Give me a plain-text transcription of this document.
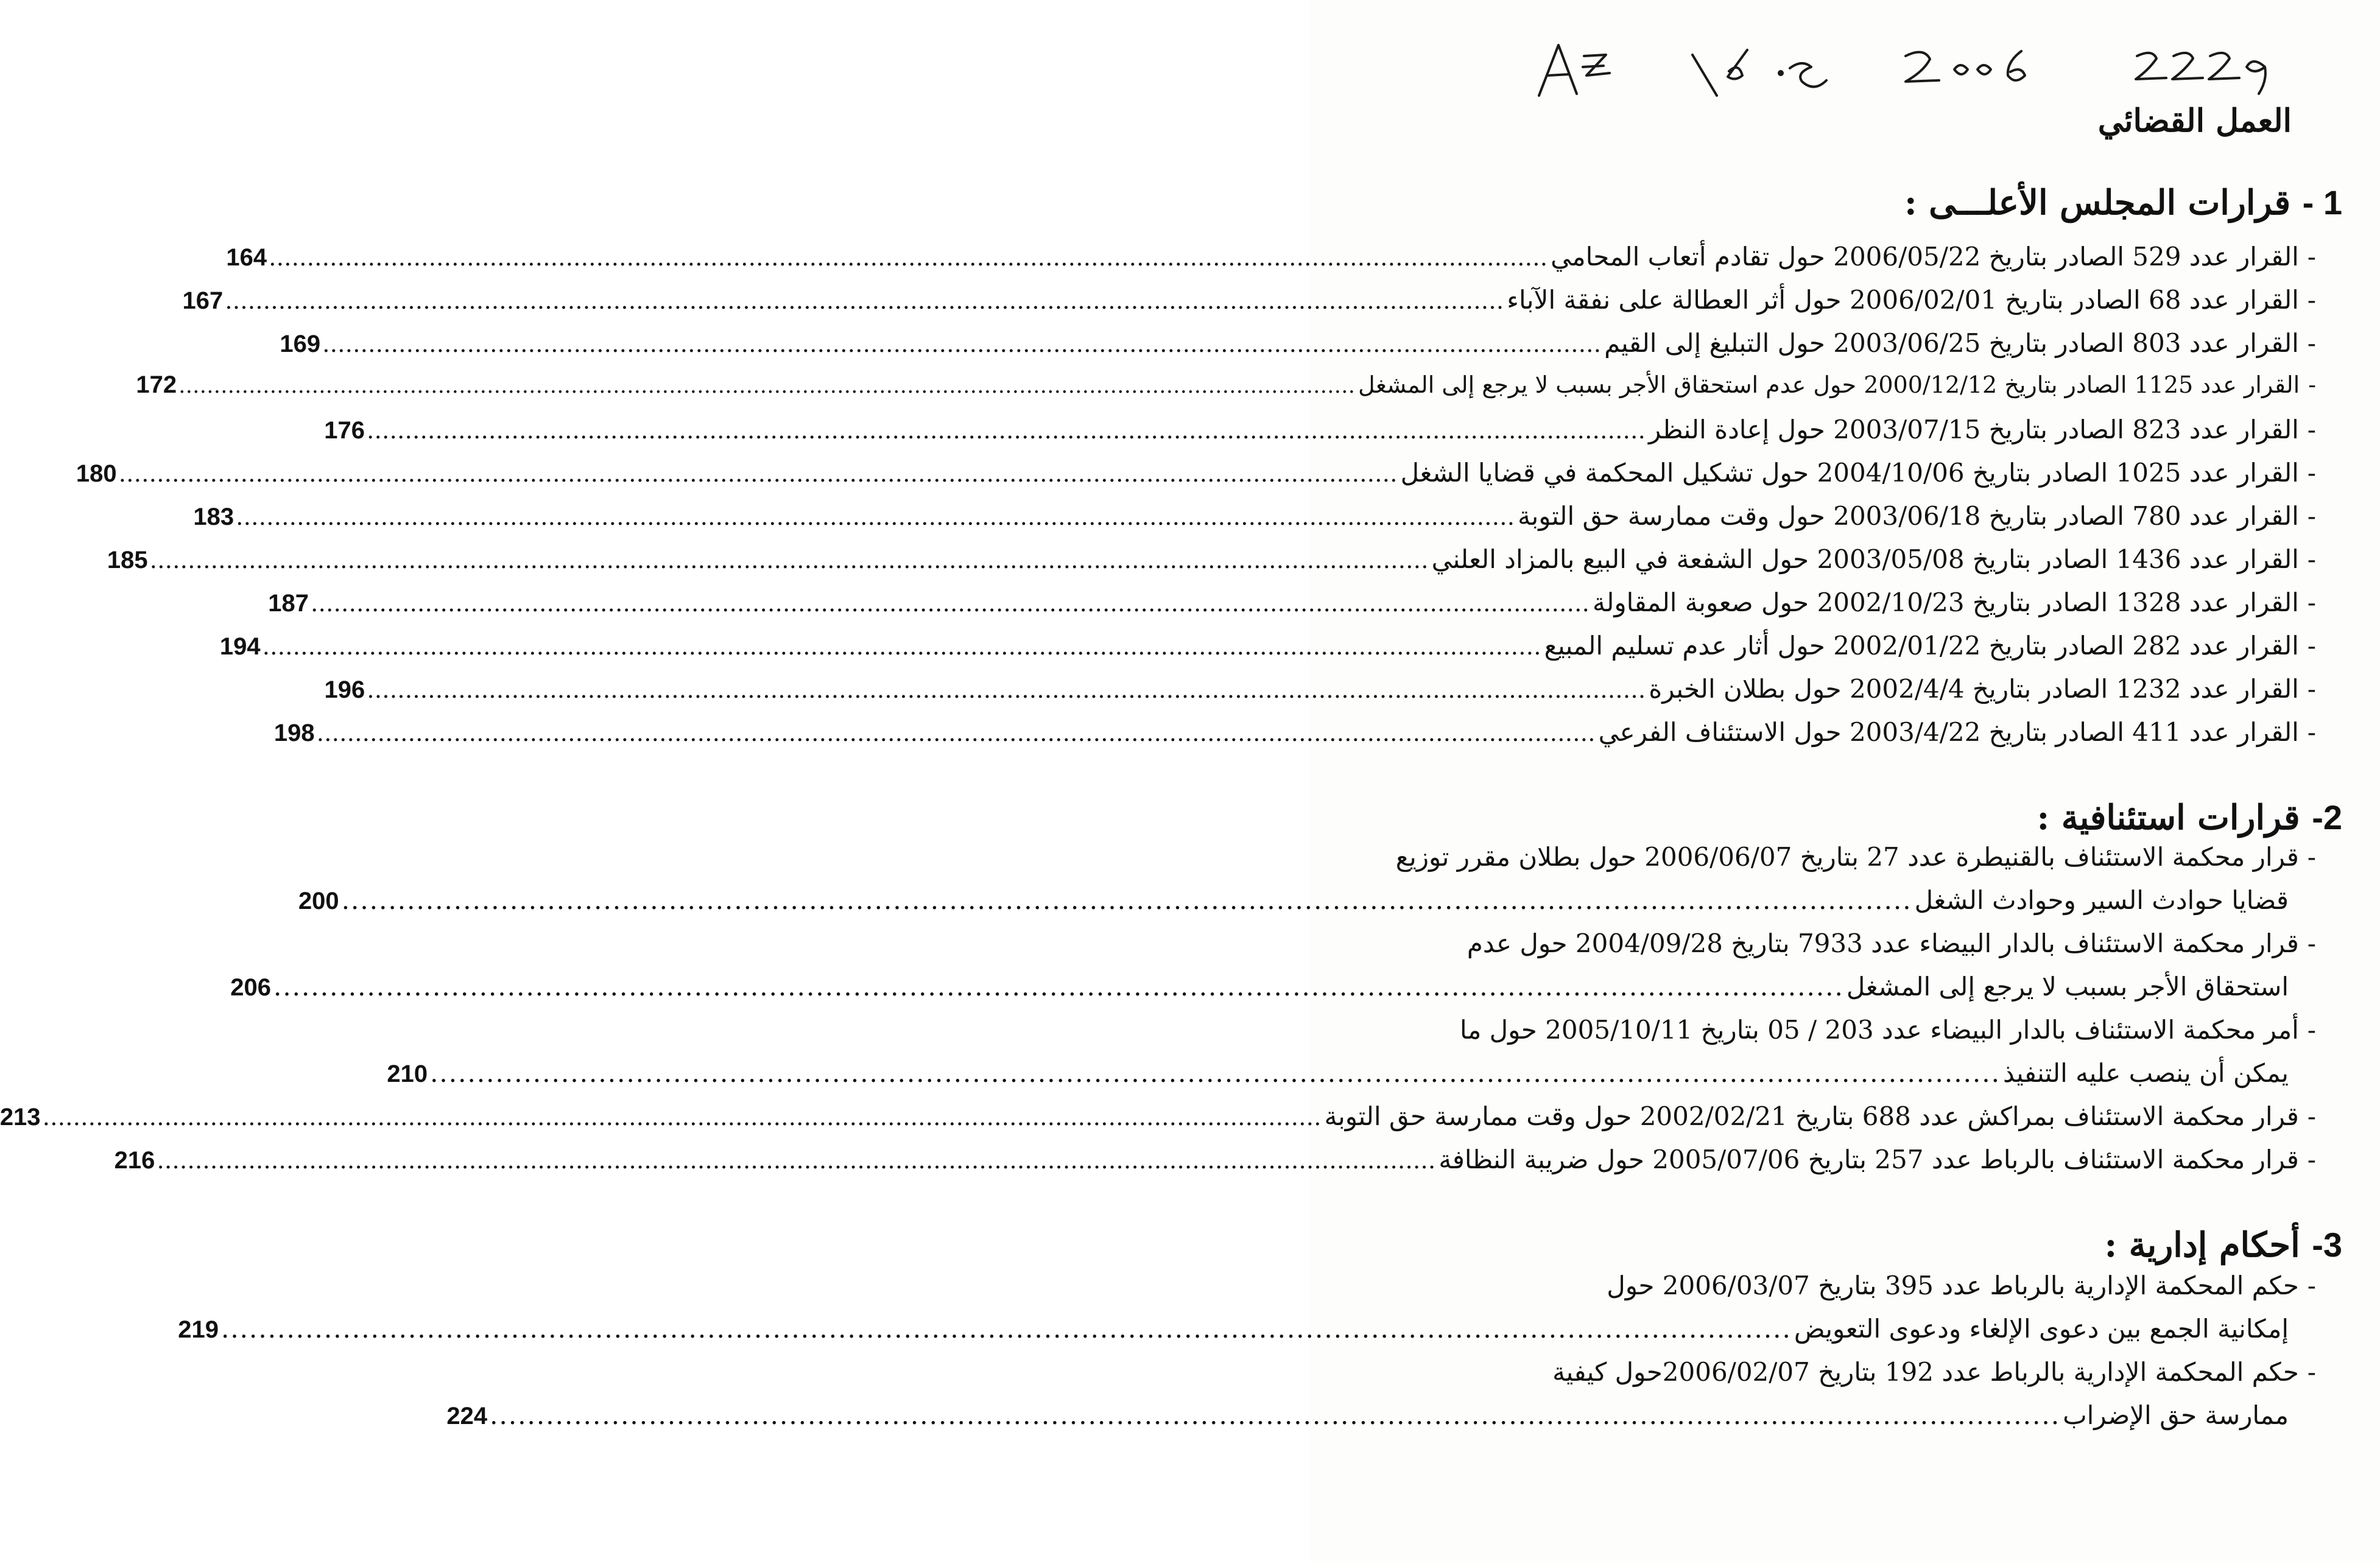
العمل القضائي
1 - قرارات المجلس الأعلـــى :
-
القرار عدد 529 الصادر بتاريخ 2006/05/22 حول تقادم أتعاب المحامي
........................................................................................................................................................................
164
-
القرار عدد 68 الصادر بتاريخ 2006/02/01 حول أثر العطالة على نفقة الآباء
........................................................................................................................................................................
167
-
القرار عدد 803 الصادر بتاريخ 2003/06/25 حول التبليغ إلى القيم
........................................................................................................................................................................
169
-
القرار عدد 1125 الصادر بتاريخ 2000/12/12 حول عدم استحقاق الأجر بسبب لا يرجع إلى المشغل
........................................................................................................................................................................
172
-
القرار عدد 823 الصادر بتاريخ 2003/07/15 حول إعادة النظر
........................................................................................................................................................................
176
-
القرار عدد 1025 الصادر بتاريخ 2004/10/06 حول تشكيل المحكمة في قضايا الشغل
........................................................................................................................................................................
180
-
القرار عدد 780 الصادر بتاريخ 2003/06/18 حول وقت ممارسة حق التوبة
........................................................................................................................................................................
183
-
القرار عدد 1436 الصادر بتاريخ 2003/05/08 حول الشفعة في البيع بالمزاد العلني
........................................................................................................................................................................
185
-
القرار عدد 1328 الصادر بتاريخ 2002/10/23 حول صعوبة المقاولة
........................................................................................................................................................................
187
-
القرار عدد 282 الصادر بتاريخ 2002/01/22 حول أثار عدم تسليم المبيع
........................................................................................................................................................................
194
-
القرار عدد 1232 الصادر بتاريخ 2002/4/4 حول بطلان الخبرة
........................................................................................................................................................................
196
-
القرار عدد 411 الصادر بتاريخ 2003/4/22 حول الاستئناف الفرعي
........................................................................................................................................................................
198
2- قرارات استئنافية :
-
قرار محكمة الاستئناف بالقنيطرة عدد 27 بتاريخ 2006/06/07 حول بطلان مقرر توزيع
قضايا حوادث السير وحوادث الشغل
........................................................................................................................................................................
200
-
قرار محكمة الاستئناف بالدار البيضاء عدد 7933 بتاريخ 2004/09/28 حول عدم
استحقاق الأجر بسبب لا يرجع إلى المشغل
........................................................................................................................................................................
206
-
أمر محكمة الاستئناف بالدار البيضاء عدد 203 / 05 بتاريخ 2005/10/11 حول ما
يمكن أن ينصب عليه التنفيذ
........................................................................................................................................................................
210
-
قرار محكمة الاستئناف بمراكش عدد 688 بتاريخ 2002/02/21 حول وقت ممارسة حق التوبة
........................................................................................................................................................................
213
-
قرار محكمة الاستئناف بالرباط عدد 257 بتاريخ 2005/07/06 حول ضريبة النظافة
........................................................................................................................................................................
216
3- أحكام إدارية :
-
حكم المحكمة الإدارية بالرباط عدد 395 بتاريخ 2006/03/07 حول
إمكانية الجمع بين دعوى الإلغاء ودعوى التعويض
........................................................................................................................................................................
219
-
حكم المحكمة الإدارية بالرباط عدد 192 بتاريخ 2006/02/07حول كيفية
ممارسة حق الإضراب
........................................................................................................................................................................
224
